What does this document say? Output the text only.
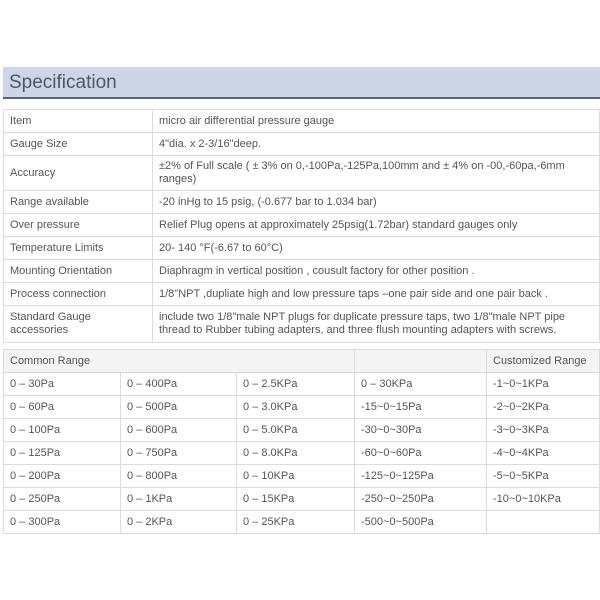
Specification
Item	micro air differential pressure gauge
Gauge Size	4"dia. x 2-3/16"deep.
Accuracy	±2% of Full scale ( ± 3% on 0,-100Pa,-125Pa,100mm and ± 4% on -00,-60pa,-6mm ranges)
Range available	-20 inHg to 15 psig, (-0.677 bar to 1.034 bar)
Over pressure	Relief Plug opens at approximately 25psig(1.72bar) standard gauges only
Temperature Limits	20- 140 °F(-6.67 to 60°C)
Mounting Orientation	Diaphragm in vertical position , cousult factory for other position .
Process connection	1/8"NPT ,dupliate high and low pressure taps –one pair side and one pair back .
Standard Gauge accessories	include two 1/8"male NPT plugs for duplicate pressure taps, two 1/8"male NPT pipe thread to Rubber tubing adapters, and three flush mounting adapters with screws.
Common Range				Customized Range
0 – 30Pa	0 – 400Pa	0 – 2.5KPa	0 – 30KPa	-1~0~1KPa
0 – 60Pa	0 – 500Pa	0 – 3.0KPa	-15~0~15Pa	-2~0~2KPa
0 – 100Pa	0 – 600Pa	0 – 5.0KPa	-30~0~30Pa	-3~0~3KPa
0 – 125Pa	0 – 750Pa	0 – 8.0KPa	-60~0~60Pa	-4~0~4KPa
0 – 200Pa	0 – 800Pa	0 – 10KPa	-125~0~125Pa	-5~0~5KPa
0 – 250Pa	0 – 1KPa	0 – 15KPa	-250~0~250Pa	-10~0~10KPa
0 – 300Pa	0 – 2KPa	0 – 25KPa	-500~0~500Pa	
